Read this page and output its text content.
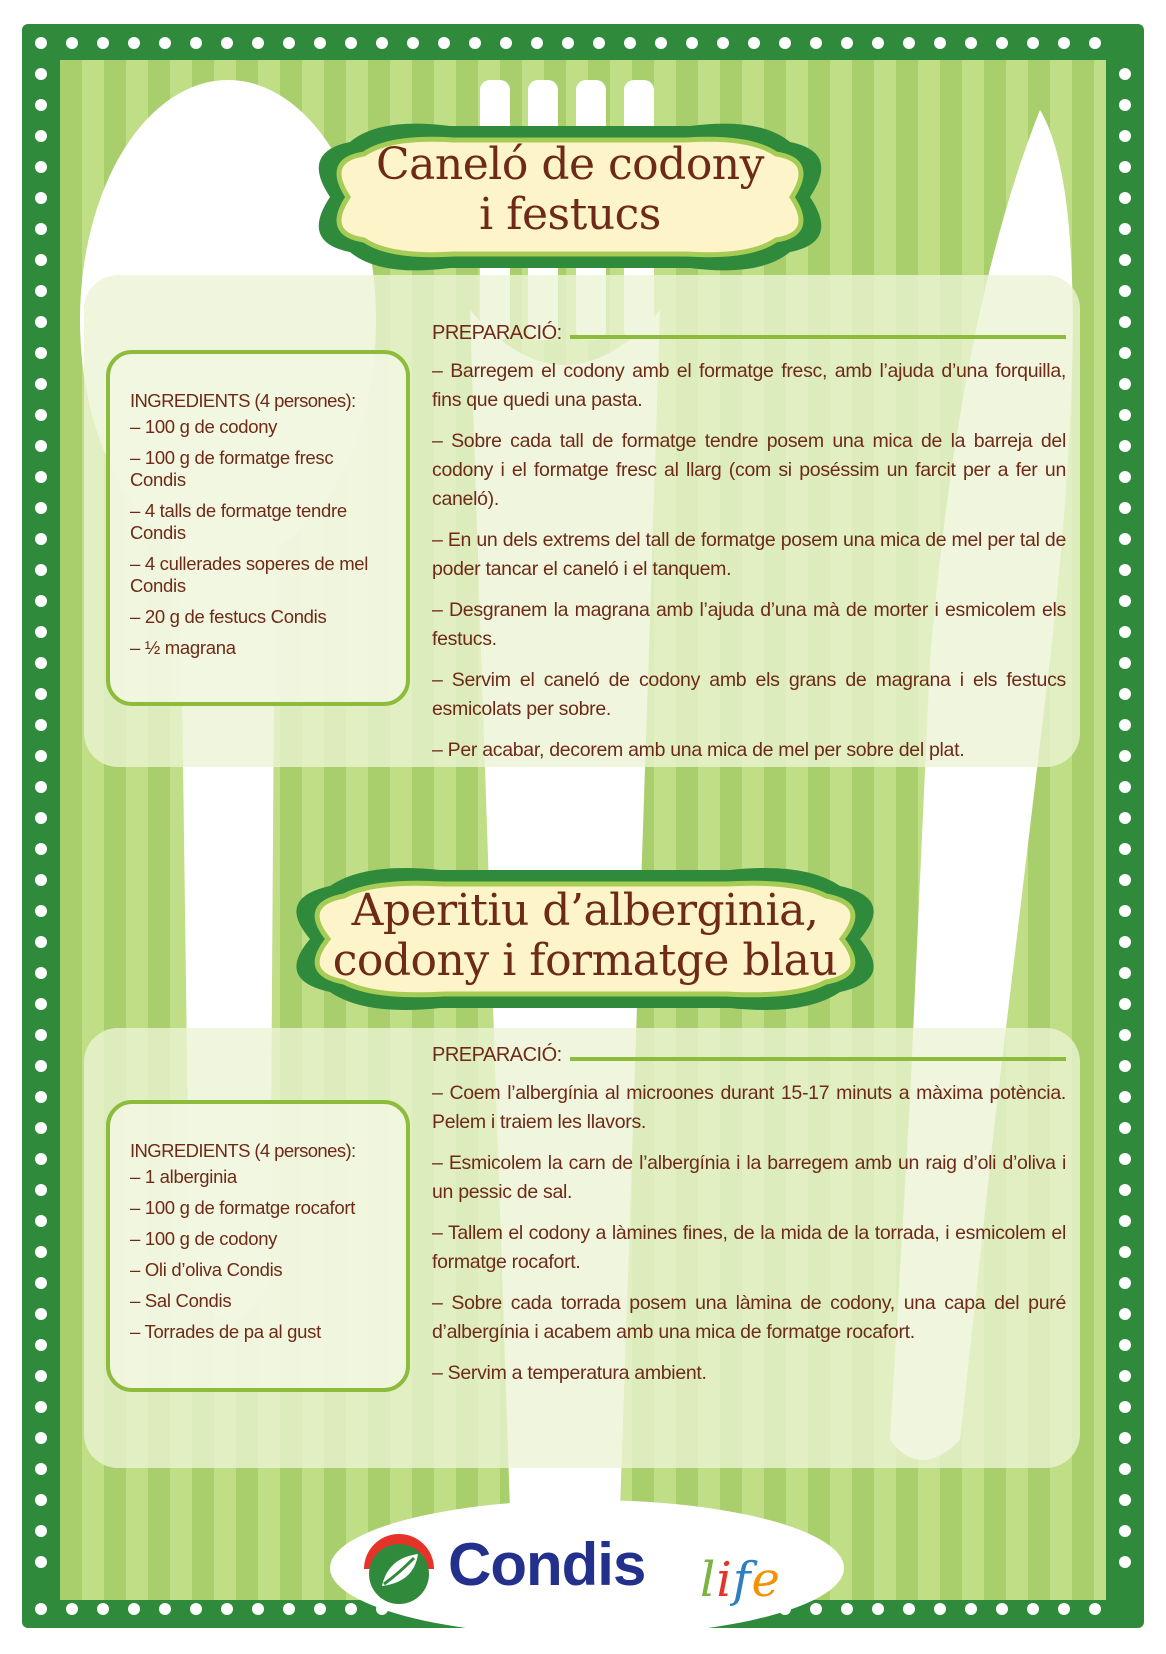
Caneló de codony
i festucs
INGREDIENTS (4 persones):
– 100 g de codony
– 100 g de formatge fresc Condis
– 4 talls de formatge tendre Condis
– 4 cullerades soperes de mel Condis
– 20 g de festucs Condis
– ½ magrana
PREPARACIÓ:

– Barregem el codony amb el formatge fresc, amb l’ajuda d’una forquilla, fins que quedi una pasta.

– Sobre cada tall de formatge tendre posem una mica de la barreja del codony i el formatge fresc al llarg (com si poséssim un farcit per a fer un caneló).

– En un dels extrems del tall de formatge posem una mica de mel per tal de poder tancar el caneló i el tanquem.

– Desgranem la magrana amb l’ajuda d’una mà de morter i esmicolem els festucs.

– Servim el caneló de codony amb els grans de magrana i els festucs esmicolats per sobre.

– Per acabar, decorem amb una mica de mel per sobre del plat.

Aperitiu d’alberginia,
codony i formatge blau
INGREDIENTS (4 persones):
– 1 alberginia
– 100 g de formatge rocafort
– 100 g de codony
– Oli d’oliva Condis
– Sal Condis
– Torrades de pa al gust
PREPARACIÓ:

– Coem l’albergínia al microones durant 15-17 minuts a màxima potència. Pelem i traiem les llavors.

– Esmicolem la carn de l’albergínia i la barregem amb un raig d’oli d’oliva i un pessic de sal.

– Tallem el codony a làmines fines, de la mida de la torrada, i esmicolem el formatge rocafort.

– Sobre cada torrada posem una làmina de codony, una capa del puré d’albergínia i acabem amb una mica de formatge rocafort.

– Servim a temperatura ambient.

Condis life
